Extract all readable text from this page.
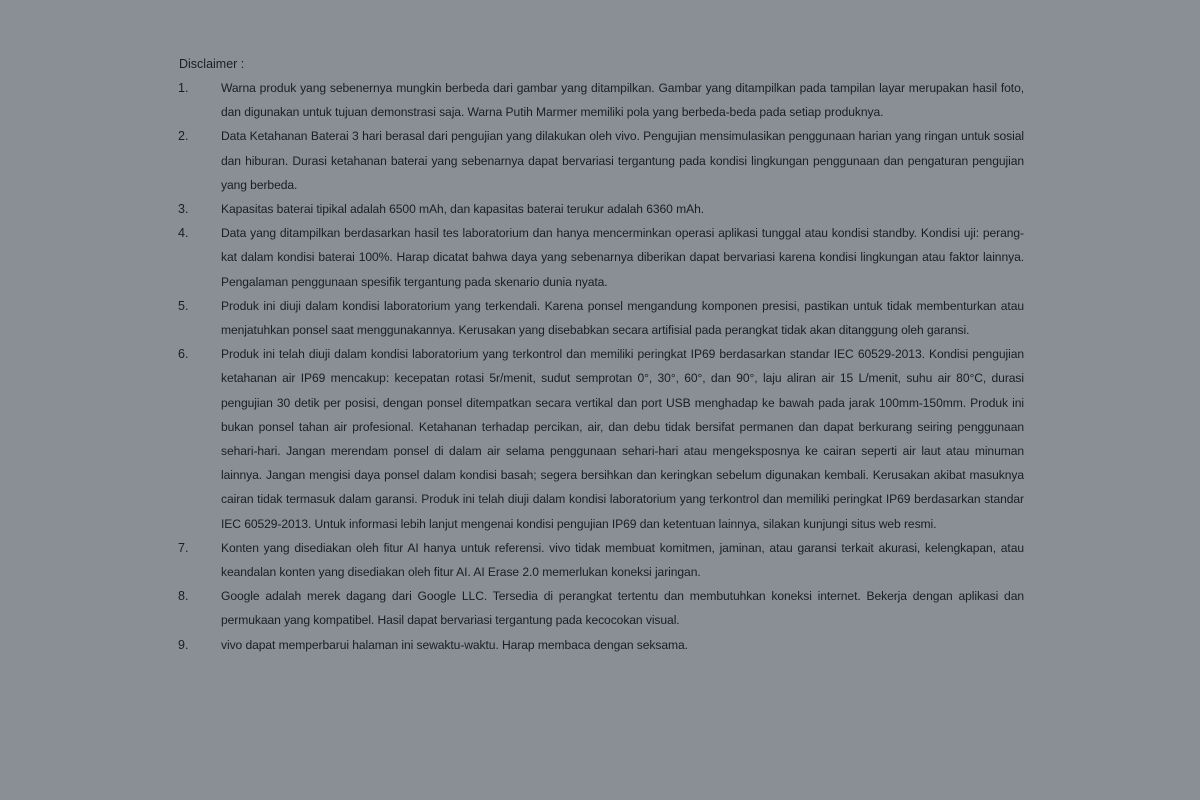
Disclaimer :
1.	Warna produk yang sebenernya mungkin berbeda dari gambar yang ditampilkan. Gambar yang ditampilkan pada tampilan layar merupakan hasil foto, dan digunakan untuk tujuan demonstrasi saja. Warna Putih Marmer memiliki pola yang berbeda-beda pada setiap produknya.
2.	Data Ketahanan Baterai 3 hari berasal dari pengujian yang dilakukan oleh vivo. Pengujian mensimulasikan penggunaan harian yang ringan untuk sosial dan hiburan. Durasi ketahanan baterai yang sebenarnya dapat bervariasi tergantung pada kondisi lingkungan penggunaan dan pengaturan pengujian yang berbeda.
3.	Kapasitas baterai tipikal adalah 6500 mAh, dan kapasitas baterai terukur adalah 6360 mAh.
4.	Data yang ditampilkan berdasarkan hasil tes laboratorium dan hanya mencerminkan operasi aplikasi tunggal atau kondisi standby. Kondisi uji: perang-kat dalam kondisi baterai 100%. Harap dicatat bahwa daya yang sebenarnya diberikan dapat bervariasi karena kondisi lingkungan atau faktor lainnya. Pengalaman penggunaan spesifik tergantung pada skenario dunia nyata.
5.	Produk ini diuji dalam kondisi laboratorium yang terkendali. Karena ponsel mengandung komponen presisi, pastikan untuk tidak membenturkan atau menjatuhkan ponsel saat menggunakannya. Kerusakan yang disebabkan secara artifisial pada perangkat tidak akan ditanggung oleh garansi.
6.	Produk ini telah diuji dalam kondisi laboratorium yang terkontrol dan memiliki peringkat IP69 berdasarkan standar IEC 60529-2013. Kondisi pengujian ketahanan air IP69 mencakup: kecepatan rotasi 5r/menit, sudut semprotan 0°, 30°, 60°, dan 90°, laju aliran air 15 L/menit, suhu air 80°C, durasi pengujian 30 detik per posisi, dengan ponsel ditempatkan secara vertikal dan port USB menghadap ke bawah pada jarak 100mm-150mm. Produk ini bukan ponsel tahan air profesional. Ketahanan terhadap percikan, air, dan debu tidak bersifat permanen dan dapat berkurang seiring penggunaan sehari-hari. Jangan merendam ponsel di dalam air selama penggunaan sehari-hari atau mengeksposnya ke cairan seperti air laut atau minuman lainnya. Jangan mengisi daya ponsel dalam kondisi basah; segera bersihkan dan keringkan sebelum digunakan kembali. Kerusakan akibat masuknya cairan tidak termasuk dalam garansi. Produk ini telah diuji dalam kondisi laboratorium yang terkontrol dan memiliki peringkat IP69 berdasarkan standar IEC 60529-2013. Untuk informasi lebih lanjut mengenai kondisi pengujian IP69 dan ketentuan lainnya, silakan kunjungi situs web resmi.
7.	Konten yang disediakan oleh fitur AI hanya untuk referensi. vivo tidak membuat komitmen, jaminan, atau garansi terkait akurasi, kelengkapan, atau keandalan konten yang disediakan oleh fitur AI. AI Erase 2.0 memerlukan koneksi jaringan.
8.	Google adalah merek dagang dari Google LLC. Tersedia di perangkat tertentu dan membutuhkan koneksi internet. Bekerja dengan aplikasi dan permukaan yang kompatibel. Hasil dapat bervariasi tergantung pada kecocokan visual.
9.	vivo dapat memperbarui halaman ini sewaktu-waktu. Harap membaca dengan seksama.
